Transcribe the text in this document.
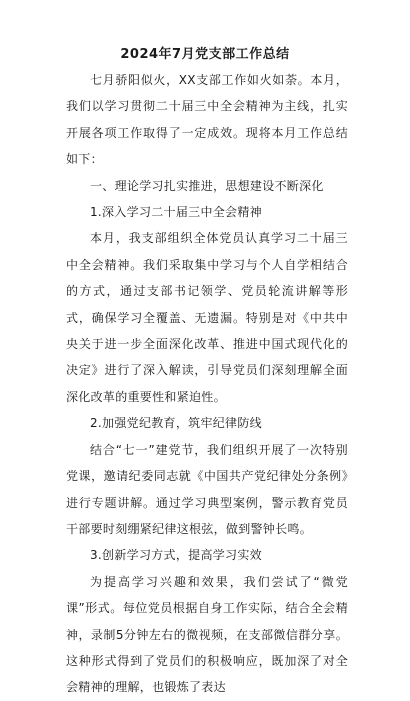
2024年7月党支部工作总结

七月骄阳似火，XX支部工作如火如荼。本月，我们以学习贯彻二十届三中全会精神为主线，扎实开展各项工作取得了一定成效。现将本月工作总结如下：

一、理论学习扎实推进，思想建设不断深化

1.深入学习二十届三中全会精神

本月，我支部组织全体党员认真学习二十届三中全会精神。我们采取集中学习与个人自学相结合的方式，通过支部书记领学、党员轮流讲解等形式，确保学习全覆盖、无遗漏。特别是对《中共中央关于进一步全面深化改革、推进中国式现代化的决定》进行了深入解读，引导党员们深刻理解全面深化改革的重要性和紧迫性。

2.加强党纪教育，筑牢纪律防线

结合“七一”建党节，我们组织开展了一次特别党课，邀请纪委同志就《中国共产党纪律处分条例》进行专题讲解。通过学习典型案例，警示教育党员干部要时刻绷紧纪律这根弦，做到警钟长鸣。

3.创新学习方式，提高学习实效

为提高学习兴趣和效果，我们尝试了“微党课”形式。每位党员根据自身工作实际，结合全会精神，录制5分钟左右的微视频，在支部微信群分享。这种形式得到了党员们的积极响应，既加深了对全会精神的理解，也锻炼了表达
